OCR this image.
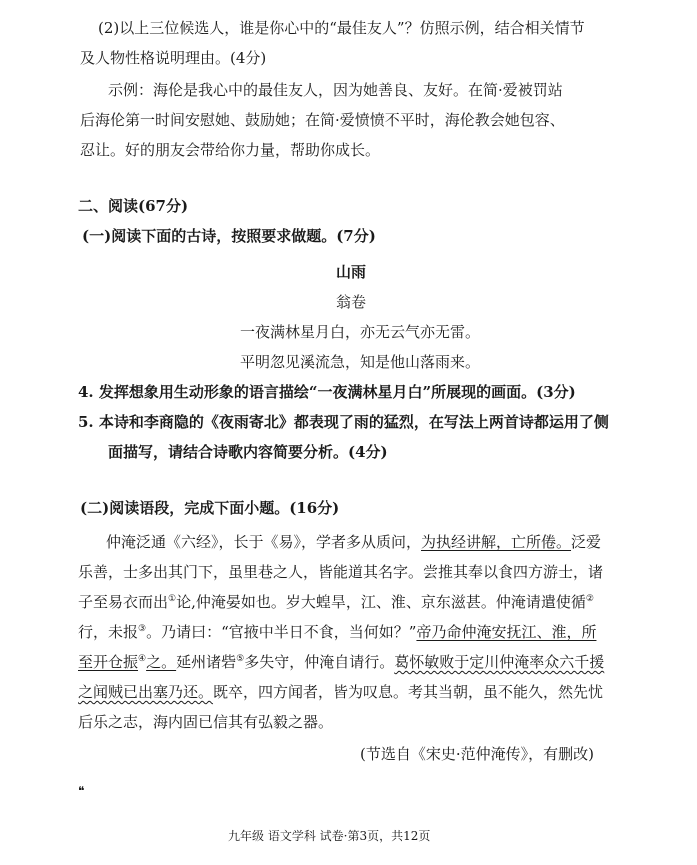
(2)以上三位候选人，谁是你心中的“最佳友人”？仿照示例，结合相关情节
及人物性格说明理由。(4分)
示例：海伦是我心中的最佳友人，因为她善良、友好。在简·爱被罚站
后海伦第一时间安慰她、鼓励她；在简·爱愤愤不平时，海伦教会她包容、
忍让。好的朋友会带给你力量，帮助你成长。
二、阅读(67分)
(一)阅读下面的古诗，按照要求做题。(7分)
山雨
翁卷
一夜满林星月白，亦无云气亦无雷。
平明忽见溪流急，知是他山落雨来。
4. 发挥想象用生动形象的语言描绘“一夜满林星月白”所展现的画面。(3分)
5. 本诗和李商隐的《夜雨寄北》都表现了雨的猛烈，在写法上两首诗都运用了侧
面描写，请结合诗歌内容简要分析。(4分)
(二)阅读语段，完成下面小题。(16分)
仲淹泛通《六经》，长于《易》，学者多从质问，为执经讲解，亡所倦。泛爱
乐善，士多出其门下，虽里巷之人，皆能道其名字。尝推其奉以食四方游士，诸
子至易衣而出①论,仲淹晏如也。岁大蝗旱，江、淮、京东滋甚。仲淹请遣使循②
行，未报③。乃请曰：“官掖中半日不食，当何如？”帝乃命仲淹安抚江、淮，所
至开仓振④之。延州诸砦⑤多失守，仲淹自请行。葛怀敏败于定川仲淹率众六千援
之闻贼已出塞乃还。既卒，四方闻者，皆为叹息。考其当朝，虽不能久，然先忧
后乐之志，海内固已信其有弘毅之器。
(节选自《宋史·范仲淹传》，有删改)
❝
九年级 语文学科 试卷·第3页，共12页
